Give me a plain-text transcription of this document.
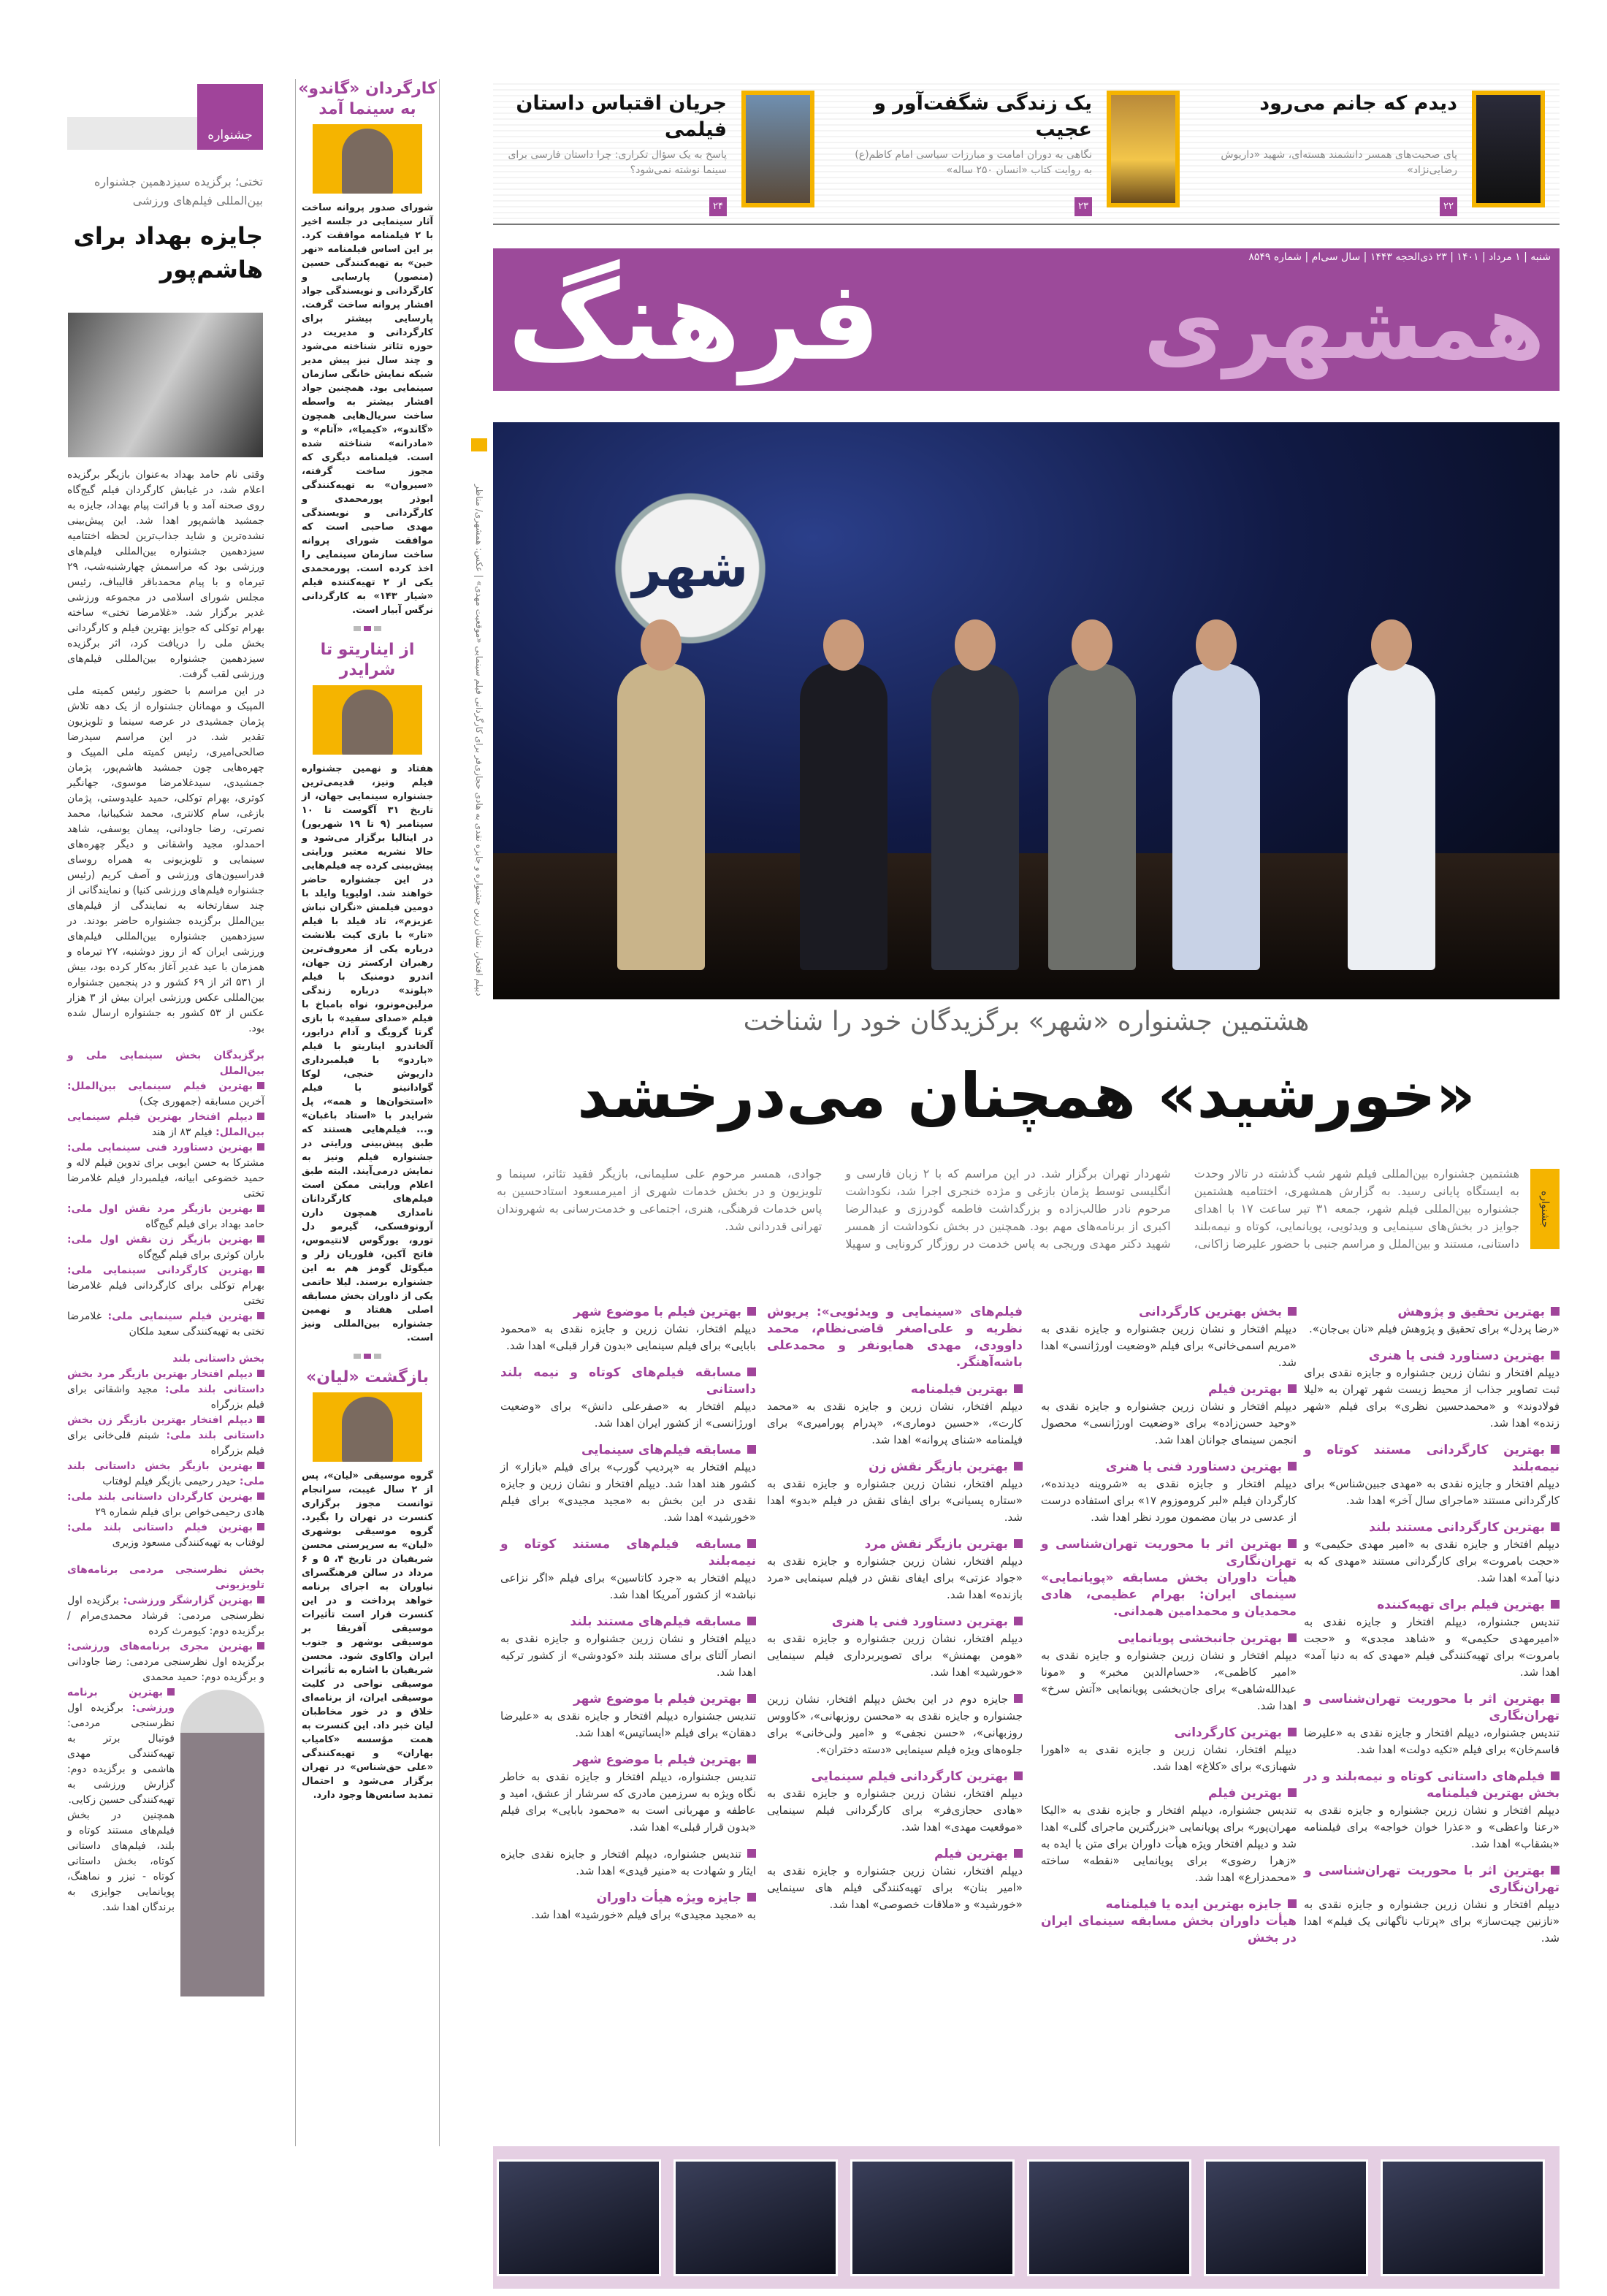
دیدم که جانم می‌رود
پای صحبت‌های همسر دانشمند هسته‌ای، شهید «داریوش رضایی‌نژاد»
۲۲
یک زندگی شگفت‌آور و عجیب
نگاهی به دوران امامت و مبارزات سیاسی امام کاظم(ع) به روایت کتاب «انسان ۲۵۰ ساله»
۲۳
جریان اقتباس داستان فیلمی
پاسخ به یک سؤال تکراری: چرا داستان فارسی برای سینما نوشته نمی‌شود؟
۲۴
شنبه | ۱ مرداد | ۱۴۰۱ | ۲۳ ذی‌الحجه ۱۴۴۳ | سال سی‌ام | شماره ۸۵۴۹
همشهری
فرهنگ
دیپلم افتخار، نشان زرین جشنواره و جایزه نقدی به هادی حجازی‌فر برای کارگردانی فیلم سینمایی «موقعیت مهدی» | عکس: همشهری/ مناظر	شهر
هشتمین جشنواره «شهر» برگزیدگان خود را شناخت
«خورشید» همچنان می‌درخشد
جشنواره
هشتمین جشنواره بین‌المللی فیلم شهر شب گذشته در تالار وحدت به ایستگاه پایانی رسید. به گزارش همشهری، اختتامیه هشتمین جشنواره بین‌المللی فیلم شهر، جمعه ۳۱ تیر ساعت ۱۷ با اهدای جوایز در بخش‌های سینمایی و ویدئویی، پویانمایی، کوتاه و نیمه‌بلند داستانی، مستند و بین‌الملل و مراسم جنبی با حضور علیرضا زاکانی، شهردار تهران برگزار شد. در این مراسم که با ۲ زبان فارسی و انگلیسی توسط پژمان بازغی و مژده خنجری اجرا شد، نکوداشت مرحوم نادر طالب‌زاده و بزرگداشت فاطمه گودرزی و عبدالرضا اکبری از برنامه‌های مهم بود. همچنین در بخش نکوداشت از همسر شهید دکتر مهدی وریجی به پاس خدمت در روزگار کرونایی و سهیلا جوادی، همسر مرحوم علی سلیمانی، بازیگر فقید تئاتر، سینما و تلویزیون و در بخش خدمات شهری از امیرمسعود استادحسین به پاس خدمات فرهنگی، هنری، اجتماعی و خدمت‌رسانی به شهروندان تهرانی قدردانی شد.
بهترین تحقیق و پژوهش
«رضا پردل» برای تحقیق و پژوهش فیلم «نان بی‌جان».
بهترین دستاورد فنی یا هنری
دیپلم افتخار و نشان زرین جشنواره و جایزه نقدی برای ثبت تصاویر جذاب از محیط زیست شهر تهران به «لیلا فولادوند» و «محمدحسین نظری» برای فیلم «شهر زنده» اهدا شد.
بهترین کارگردانی مستند کوتاه و نیمه‌بلند
دیپلم افتخار و جایزه نقدی به «مهدی جبین‌شناس» برای کارگردانی مستند «ماجرای سال آخر» اهدا شد.
بهترین کارگردانی مستند بلند
دیپلم افتخار و جایزه نقدی به «امیر مهدی حکیمی» و «حجت بامروت» برای کارگردانی مستند «مهدی که به دنیا آمد» اهدا شد.
بهترین فیلم برای تهیه‌کننده
تندیس جشنواره، دیپلم افتخار و جایزه نقدی به «امیرمهدی حکیمی» و «شاهد مجدی» و «حجت بامروت» برای تهیه‌کنندگی فیلم «مهدی که به دنیا آمد» اهدا شد.
بهترین اثر با محوریت تهران‌شناسی و تهران‌نگاری
تندیس جشنواره، دیپلم افتخار و جایزه نقدی به «علیرضا قاسم‌خان» برای فیلم «تکیه دولت» اهدا شد.
فیلم‌های داستانی کوتاه و نیمه‌بلند و در بخش بهترین فیلمنامه
دیپلم افتخار و نشان زرین جشنواره و جایزه نقدی به «رعنا واعظی» و «عذرا خوان خواجه» برای فیلمنامه «بشقاب» اهدا شد.
بهترین اثر با محوریت تهران‌شناسی و تهران‌نگاری
دیپلم افتخار و نشان زرین جشنواره و جایزه نقدی به «نازنین چیت‌ساز» برای «پرتاب ناگهانی یک فیلم» اهدا شد.
بخش بهترین کارگردانی
دیپلم افتخار و نشان زرین جشنواره و جایزه نقدی به «مریم اسمی‌خانی» برای فیلم «وضعیت اورژانسی» اهدا شد.
بهترین فیلم
دیپلم افتخار و نشان زرین جشنواره و جایزه نقدی به «وحید حسن‌زاده» برای «وضعیت اورژانسی» محصول انجمن سینمای جوانان اهدا شد.
بهترین دستاورد فنی یا هنری
دیپلم افتخار و جایزه نقدی به «شروینه دیدنده»، کارگردان فیلم «لبر کروموزوم ۱۷» برای استفاده درست از عدسی در بیان مضمون مورد نظر اهدا شد.
بهترین اثر با محوریت تهران‌شناسی و تهران‌نگاری
هیأت داوران بخش مسابقه «پویانمایی» سینمای ایران: بهرام عظیمی، هادی محمدیان و محمدامین همدانی.
بهترین جانبخشی پویانمایی
دیپلم افتخار و نشان زرین جشنواره و جایزه نقدی به «امیر کاظمی»، «حسام‌الدین مخبر» و «مونا عبدالله‌شاهی» برای جان‌بخشی پویانمایی «آتش سرخ» اهدا شد.
بهترین کارگردانی
دیپلم افتخار، نشان زرین و جایزه نقدی به «اهورا شهبازی» برای «کلاغ» اهدا شد.
بهترین فیلم
تندیس جشنواره، دیپلم افتخار و جایزه نقدی به «الیکا مهران‌پور» برای پویانمایی «بزرگترین ماجرای گلی» اهدا شد و دیپلم افتخار ویژه هیأت داوران برای متن یا ایده به «زهرا رضوی» برای پویانمایی «نقطه» ساخته «محمدزارع» اهدا شد.
جایزه بهترین ایده یا فیلمنامه
هیأت داوران بخش مسابقه سینمای ایران در بخش
فیلم‌های «سینمایی و ویدئویی»: پریوش نظریه و علی‌اصغر قاضی‌نظام، محمد داوودی، مهدی همایونفر و محمدعلی باشه‌آهنگر.
بهترین فیلمنامه
دیپلم افتخار، نشان زرین و جایزه نقدی به «محمد کارت»، «حسین دوماری»، «پدرام پورامیری» برای فیلمنامه «شنای پروانه» اهدا شد.
بهترین بازیگر نقش زن
دیپلم افتخار، نشان زرین جشنواره و جایزه نقدی به «ستاره پسیانی» برای ایفای نقش در فیلم «بدو» اهدا شد.
بهترین بازیگر نقش مرد
دیپلم افتخار، نشان زرین جشنواره و جایزه نقدی به «جواد عزتی» برای ایفای نقش در فیلم سینمایی «مرد بازنده» اهدا شد.
بهترین دستاورد فنی یا هنری
دیپلم افتخار، نشان زرین جشنواره و جایزه نقدی به «هومن بهمنش» برای تصویربرداری فیلم سینمایی «خورشید» اهدا شد.
جایزه دوم در این بخش دیپلم افتخار، نشان زرین جشنواره و جایزه نقدی به «محسن روزبهانی»، «کاووس روزبهانی»، «حسن نجفی» و «امیر ولی‌خانی» برای جلوه‌های ویژه فیلم سینمایی «دسته دختران».
بهترین کارگردانی فیلم سینمایی
دیپلم افتخار، نشان زرین جشنواره و جایزه نقدی به «هادی حجازی‌فر» برای کارگردانی فیلم سینمایی «موقعیت مهدی» اهدا شد.
بهترین فیلم
دیپلم افتخار، نشان زرین جشنواره و جایزه نقدی به «امیر بنان» برای تهیه‌کنندگی فیلم های سینمایی «خورشید» و «ملاقات خصوصی» اهدا شد.
بهترین فیلم با موضوع شهر
دیپلم افتخار، نشان زرین و جایزه نقدی به «محمود بابایی» برای فیلم سینمایی «بدون قرار قبلی» اهدا شد.
مسابقه فیلم‌های کوتاه و نیمه بلند داستانی
دیپلم افتخار به «صفرعلی دانش» برای «وضعیت اورژانسی» از کشور ایران اهدا شد.
مسابقه فیلم‌های سینمایی
دیپلم افتخار به «پردیپ گورب» برای فیلم «بازار» از کشور هند اهدا شد. دیپلم افتخار و نشان زرین و جایزه نقدی در این بخش به «مجید مجیدی» برای فیلم «خورشید» اهدا شد.
مسابقه فیلم‌های مستند کوتاه و نیمه‌بلند
دیپلم افتخار به «جرد کاتاسین» برای فیلم «اگر نزاعی نباشد» از کشور آمریکا اهدا شد.
مسابقه فیلم‌های مستند بلند
دیپلم افتخار و نشان زرین جشنواره و جایزه نقدی به انصار آلتای برای مستند بلند «کودوشی» از کشور ترکیه اهدا شد.
بهترین فیلم با موضوع شهر
تندیس جشنواره دیپلم افتخار و جایزه نقدی به «علیرضا دهقان» برای فیلم «ایساتیس» اهدا شد.
بهترین فیلم با موضوع شهر
تندیس جشنواره، دیپلم افتخار و جایزه نقدی به خاطر نگاه ویژه به سرزمین مادری که سرشار از عشق، امید و عاطفه و مهربانی است به «محمود بابایی» برای فیلم «بدون قرار قبلی» اهدا شد.
تندیس جشنواره، دیپلم افتخار و جایزه نقدی جایزه ایثار و شهادت به «منیر قیدی» اهدا شد.
جایزه ویژه هیأت داوران
به «مجید مجیدی» برای فیلم «خورشید» اهدا شد.
جشنواره
تختی؛ برگزیده سیزدهمین جشنواره بین‌المللی فیلم‌های ورزشی
جایزه بهداد برای هاشم‌پور

وقتی نام حامد بهداد به‌عنوان بازیگر برگزیده اعلام شد، در غیابش کارگردان فیلم گیج‌گاه روی صحنه آمد و با قرائت پیام بهداد، جایزه به جمشید هاشم‌پور اهدا شد. این پیش‌بینی نشده‌ترین و شاید جذاب‌ترین لحظه اختتامیه سیزدهمین جشنواره بین‌المللی فیلم‌های ورزشی بود که مراسمش چهارشنبه‌شب، ۲۹ تیرماه و با پیام محمدباقر قالیباف، رئیس مجلس شورای اسلامی در مجموعه ورزشی غدیر برگزار شد. «غلامرضا تختی» ساخته بهرام توکلی که جوایز بهترین فیلم و کارگردانی بخش ملی را دریافت کرد، اثر برگزیده سیزدهمین جشنواره بین‌المللی فیلم‌های ورزشی لقب گرفت.

در این مراسم با حضور رئیس کمیته ملی المپیک و مهمانان جشنواره از یک دهه تلاش پژمان جمشیدی در عرصه سینما و تلویزیون تقدیر شد. در این مراسم سیدرضا صالحی‌امیری، رئیس کمیته ملی المپیک و چهره‌هایی چون جمشید هاشم‌پور، پژمان جمشیدی، سیدغلامرضا موسوی، جهانگیر کوثری، بهرام توکلی، حمید علیدوستی، پژمان بازغی، سام کلانتری، محمد شکیبانیا، محمد نصرتی، رضا جاودانی، پیمان یوسفی، شاهد احمدلو، مجید واشقانی و دیگر چهره‌های سینمایی و تلویزیونی به همراه روسای فدراسیون‌های ورزشی و آصف کریم (رئیس جشنواره فیلم‌های ورزشی کنیا) و نمایندگانی از چند سفارتخانه به نمایندگی از فیلم‌های بین‌الملل برگزیده جشنواره حاضر بودند. در سیزدهمین جشنواره بین‌المللی فیلم‌های ورزشی ایران که از روز دوشنبه، ۲۷ تیرماه و همزمان با عید غدیر آغاز به‌کار کرده بود، بیش از ۵۳۱ اثر از ۶۹ کشور و در پنجمین جشنواره بین‌المللی عکس ورزشی ایران بیش از ۳ هزار عکس از ۵۳ کشور به جشنواره ارسال شده بود.

برگزیدگان بخش سینمایی ملی و بین‌الملل
بهترین فیلم سینمایی بین‌الملل: آخرین مسابقه (جمهوری چک)
دیپلم افتخار بهترین فیلم سینمایی بین‌الملل: فیلم ۸۳ از هند
بهترین دستاورد فنی سینمایی ملی: مشترکا به حسن ایوبی برای تدوین فیلم لاله و حمید خضوعی ابیانه، فیلمبردار فیلم غلامرضا تختی
بهترین بازیگر مرد نقش اول ملی: حامد بهداد برای فیلم گیج‌گاه
بهترین بازیگر زن نقش اول ملی: باران کوثری برای فیلم گیج‌گاه
بهترین کارگردانی سینمایی ملی: بهرام توکلی برای کارگردانی فیلم غلامرضا تختی
بهترین فیلم سینمایی ملی: غلامرضا تختی به تهیه‌کنندگی سعید ملکان
بخش داستانی بلند
دیپلم افتخار بهترین بازیگر مرد بخش داستانی بلند ملی: مجید واشقانی برای فیلم بزرگراه
دیپلم افتخار بهترین بازیگر زن بخش داستانی بلند ملی: شبنم قلی‌خانی برای فیلم بزرگراه
بهترین بازیگر بخش داستانی بلند ملی: حیدر رحیمی بازیگر فیلم لوفتاب
بهترین کارگردان داستانی بلند ملی: هادی رحیمی‌خواص برای فیلم شماره ۲۹
بهترین فیلم داستانی بلند ملی: لوفتاب به تهیه‌کنندگی مسعود وزیری
بخش نظرسنجی مردمی برنامه‌های تلویزیونی
بهترین گزارشگر ورزشی: برگزیده اول نظرسنجی مردمی: فرشاد محمدی‌مرام / برگزیده دوم: کیومرث کرده
بهترین مجری برنامه‌های ورزشی: برگزیده اول نظرسنجی مردمی: رضا جاودانی و برگزیده دوم: حمید محمدی
بهترین برنامه ورزشی: برگزیده اول نظرسنجی مردمی: فوتبال برتر به تهیه‌کنندگی مهدی هاشمی و برگزیده دوم: گزارش ورزشی به تهیه‌کنندگی حسین زکایی.

همچنین در بخش فیلم‌های مستند کوتاه و بلند، فیلم‌های داستانی کوتاه، بخش داستانی کوتاه - تیزر و نماهنگ، پویانمایی جوایزی به برندگان اهدا شد.

کارگردان «گاندو» به سینما آمد
شورای صدور پروانه ساخت آثار سینمایی در جلسه اخیر با ۲ فیلمنامه موافقت کرد. بر این اساس فیلمنامه «نهر خین» به تهیه‌کنندگی حسین (منصور) پارسایی و کارگردانی و نویسندگی جواد افشار پروانه ساخت گرفت. پارسایی بیشتر برای کارگردانی و مدیریت در حوزه تئاتر شناخته می‌شود و چند سال نیز پیش مدیر شبکه نمایش خانگی سازمان سینمایی بود. همچنین جواد افشار بیشتر به واسطه ساخت سریال‌هایی همچون «گاندو»، «کیمیا»، «آتام» و «مادرانه» شناخته شده است. فیلمنامه دیگری که مجوز ساخت گرفته، «سیروان» به تهیه‌کنندگی ابوذر پورمحمدی و کارگردانی و نویسندگی مهدی صاحبی است که موافقت شورای پروانه ساخت سازمان سینمایی را اخذ کرده است. پورمحمدی یکی از ۲ تهیه‌کننده فیلم «شیار ۱۴۳» به کارگردانی نرگس آبیار است.
از ایناریتو تا شرایدر
هفتاد و نهمین جشنواره فیلم ونیز، قدیمی‌ترین جشنواره سینمایی جهان، از تاریخ ۳۱ آگوست تا ۱۰ سپتامبر (۹ تا ۱۹ شهریور) در ایتالیا برگزار می‌شود و حالا نشریه معتبر ورایتی پیش‌بینی کرده چه فیلم‌هایی در این جشنواره حاضر خواهند شد. اولیویا وایلد با دومین فیلمش «نگران نباش عزیزم»، تاد فیلد با فیلم «تار» با بازی کیت بلانشت درباره یکی از معروف‌ترین رهبران ارکستر زن جهان، اندرو دومنیک با فیلم «بلوند» درباره زندگی مرلین‌مونرو، نواه بامباخ با فیلم «صدای سفید» با بازی گرتا گرویگ و آدام درایور، آلخاندرو ایناریتو با فیلم «باردو» با فیلمبرداری داریوش خنجی، لوکا گوادانینو با فیلم «استخوان‌ها و همه»، پل شرایدر با «استاد باغبان» و... فیلم‌هایی هستند که طبق پیش‌بینی ورایتی در جشنواره فیلم ونیز به نمایش درمی‌آیند. البته طبق اعلام ورایتی ممکن است فیلم‌های کارگردانان نامداری همچون دارن آرونوفسکی، گیرمو دل تورو، یورگوس لانتیموس، فاتح آکین، فلوریان زلر و میگوئل گومز هم به این جشنواره برسند. لیلا حاتمی یکی از داوران بخش مسابقه اصلی هفتاد و نهمین جشنواره بین‌المللی ونیز است.
بازگشت «لیان»
گروه موسیقی «لیان»، پس از ۲ سال غیبت، سرانجام توانست مجوز برگزاری کنسرت در تهران را بگیرد. گروه موسیقی بوشهری «لیان» به سرپرستی محسن شریفیان در تاریخ ۴، ۵ و ۶ مرداد در سالن فرهنگسرای نیاوران به اجرای برنامه خواهد پرداخت و در این کنسرت قرار است تأثیرات موسیقی آفریقا بر موسیقی بوشهر و جنوب ایران واکاوی شود. محسن شریفیان با اشاره به تأثیرات موسیقی نواحی در کلیت موسیقی ایران، از برنامه‌ای خلاق و در خور مخاطبان لیان خبر داد. این کنسرت به همت مؤسسه «کامیاب بهاران» و تهیه‌کنندگی «علی حق‌شناس» در تهران برگزار می‌شود و احتمال تمدید سانس‌ها وجود دارد.
